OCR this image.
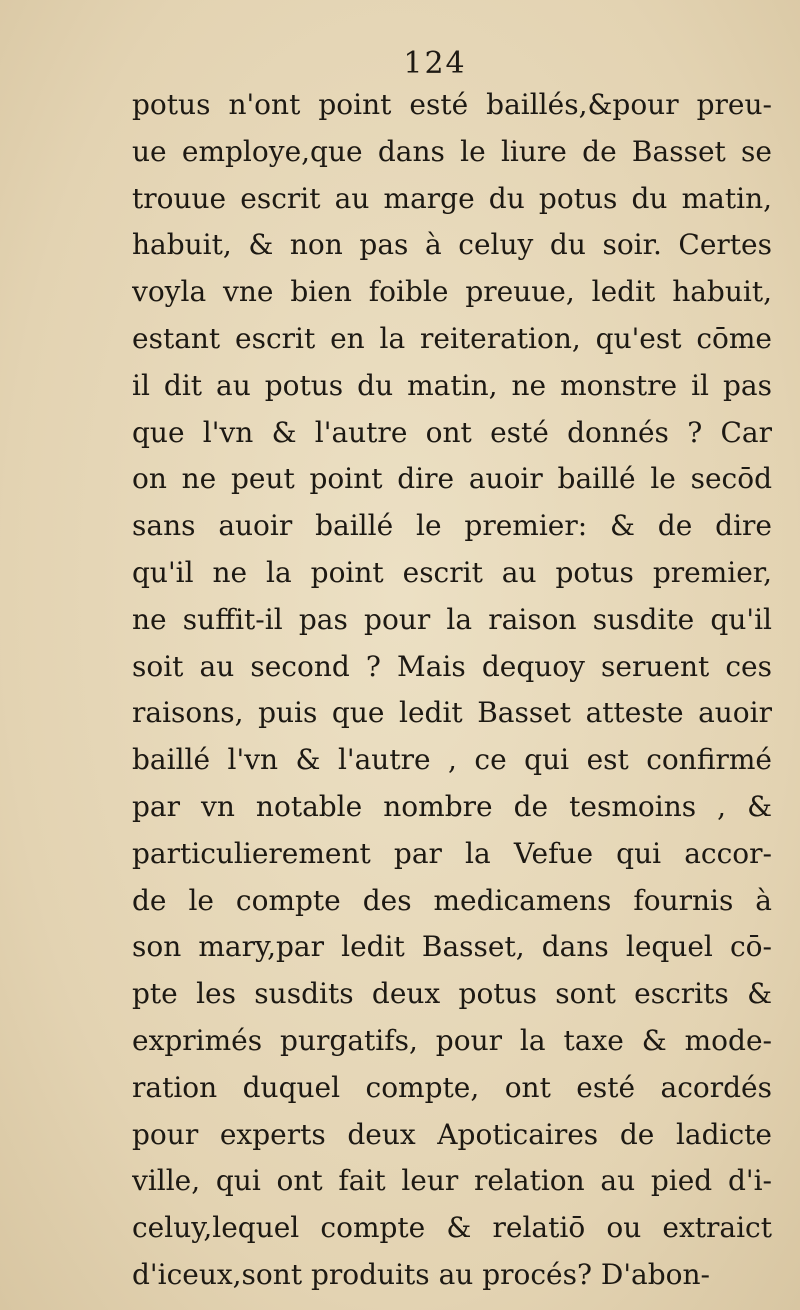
124
potus n'ont point esté baillés,&pour preu-
ue employe,que dans le liure de Basset se
trouue escrit au marge du potus du matin,
habuit, & non pas à celuy du soir. Certes
voyla vne bien foible preuue, ledit habuit,
estant escrit en la reiteration, qu'est cōme
il dit au potus du matin, ne monstre il pas
que l'vn & l'autre ont esté donnés ? Car
on ne peut point dire auoir baillé le secōd
sans auoir baillé le premier: & de dire
qu'il ne la point escrit au potus premier,
ne suffit-il pas pour la raison susdite qu'il
soit au second ? Mais dequoy seruent ces
raisons, puis que ledit Basset atteste auoir
baillé l'vn & l'autre , ce qui est confirmé
par vn notable nombre de tesmoins , &
particulierement par la Vefue qui accor-
de le compte des medicamens fournis à
son mary,par ledit Basset, dans lequel cō-
pte les susdits deux potus sont escrits &
exprimés purgatifs, pour la taxe & mode-
ration duquel compte, ont esté acordés
pour experts deux Apoticaires de ladicte
ville, qui ont fait leur relation au pied d'i-
celuy,lequel compte & relatiō ou extraict
d'iceux,sont produits au procés? D'abon-
